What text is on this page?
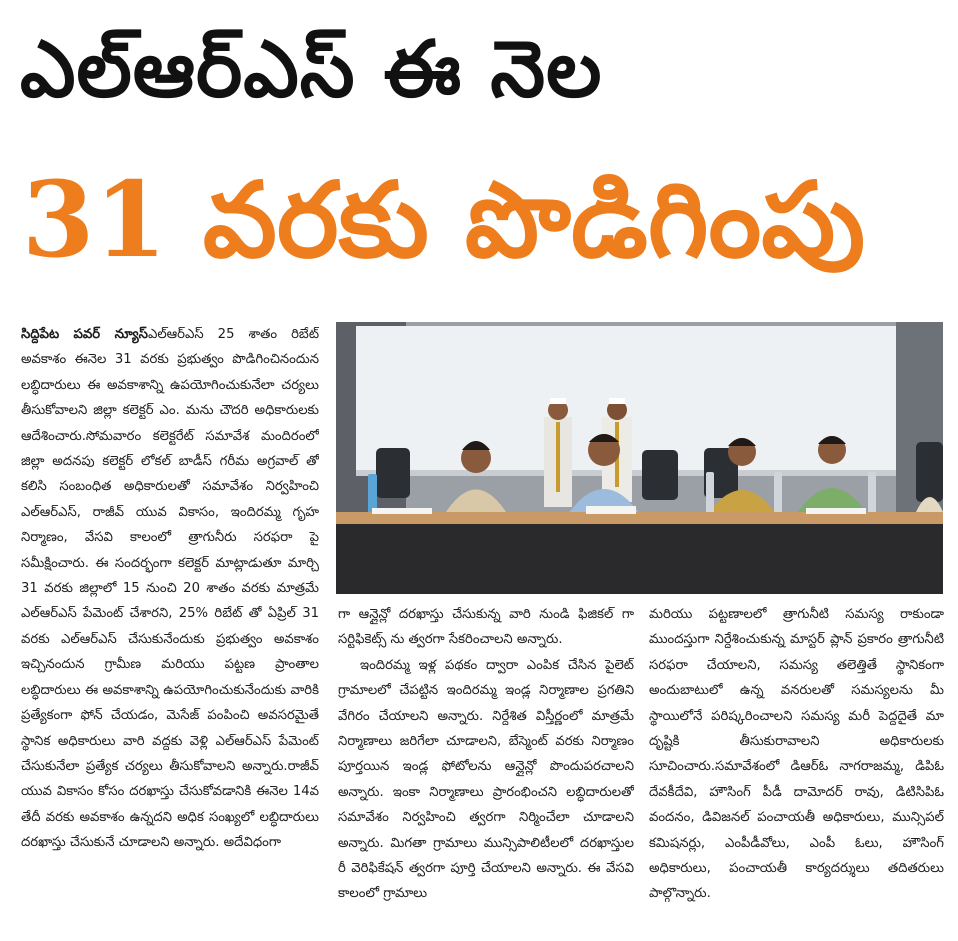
ఎల్ఆర్ఎస్ ఈ నెల
31 వరకు పొడిగింపు
సిద్దిపేట పవర్ న్యూస్ఎల్ఆర్ఎస్ 25 శాతం రిబేట్ అవకాశం ఈనెల 31 వరకు ప్రభుత్వం పొడిగించినందున లబ్ధిదారులు ఈ అవకాశాన్ని ఉపయోగించుకునేలా చర్యలు తీసుకోవాలని జిల్లా కలెక్టర్ ఎం. మను చౌదరి అధికారులకు ఆదేశించారు.సోమవారం కలెక్టరేట్ సమావేశ మందిరంలో జిల్లా అదనపు కలెక్టర్ లోకల్ బాడీస్ గరీమ అగ్రవాల్ తో కలిసి సంబంధిత అధికారులతో సమావేశం నిర్వహించి ఎల్ఆర్ఎస్, రాజీవ్ యువ వికాసం, ఇందిరమ్మ గృహ నిర్మాణం, వేసవి కాలంలో త్రాగునీరు సరఫరా పై సమీక్షించారు. ఈ సందర్భంగా కలెక్టర్ మాట్లాడుతూ మార్చి 31 వరకు జిల్లాలో 15 నుంచి 20 శాతం వరకు మాత్రమే ఎల్ఆర్ఎస్ పేమెంట్ చేశారని, 25% రిబేట్ తో ఏప్రిల్ 31 వరకు ఎల్ఆర్ఎస్ చేసుకునేందుకు ప్రభుత్వం అవకాశం ఇచ్చినందున గ్రామీణ మరియు పట్టణ ప్రాంతాల లబ్ధిదారులు ఈ అవకాశాన్ని ఉపయోగించుకునేందుకు వారికి ప్రత్యేకంగా ఫోన్ చేయడం, మెసేజ్ పంపించి అవసరమైతే స్థానిక అధికారులు వారి వద్దకు వెళ్లి ఎల్ఆర్ఎస్ పేమెంట్ చేసుకునేలా ప్రత్యేక చర్యలు తీసుకోవాలని అన్నారు.రాజీవ్ యువ వికాసం కోసం దరఖాస్తు చేసుకోవడానికి ఈనెల 14వ తేదీ వరకు అవకాశం ఉన్నదని అధిక సంఖ్యలో లబ్ధిదారులు దరఖాస్తు చేసుకునే చూడాలని అన్నారు. అదేవిధంగా
గా ఆన్లైన్లో దరఖాస్తు చేసుకున్న వారి నుండి ఫిజికల్ గా సర్టిఫికెట్స్ ను త్వరగా సేకరించాలని అన్నారు.
ఇందిరమ్మ ఇళ్ల పథకం ద్వారా ఎంపిక చేసిన పైలెట్ గ్రామాలలో చేపట్టిన ఇందిరమ్మ ఇండ్ల నిర్మాణాల ప్రగతిని వేగిరం చేయాలని అన్నారు. నిర్దేశిత విస్తీర్ణంలో మాత్రమే నిర్మాణాలు జరిగేలా చూడాలని, బేస్మెంట్ వరకు నిర్మాణం పూర్తయిన ఇండ్ల ఫోటోలను ఆన్లైన్లో పొందుపరచాలని అన్నారు. ఇంకా నిర్మాణాలు ప్రారంభించని లబ్ధిదారులతో సమావేశం నిర్వహించి త్వరగా నిర్మించేలా చూడాలని అన్నారు. మిగతా గ్రామాలు మున్సిపాలిటీలలో దరఖాస్తుల రీ వెరిఫికేషన్ త్వరగా పూర్తి చేయాలని అన్నారు. ఈ వేసవి కాలంలో గ్రామాలు
మరియు పట్టణాలలో త్రాగునీటి సమస్య రాకుండా ముందస్తుగా నిర్దేశించుకున్న మాస్టర్ ప్లాన్ ప్రకారం త్రాగునీటి సరఫరా చేయాలని, సమస్య తలెత్తితే స్థానికంగా అందుబాటులో ఉన్న వనరులతో సమస్యలను మీ స్థాయిలోనే పరిష్కరించాలని సమస్య మరీ పెద్దదైతే మా దృష్టికి తీసుకురావాలని అధికారులకు సూచించారు.సమావేశంలో డిఆర్ఓ నాగరాజమ్మ, డిపిఓ దేవకీదేవి, హౌసింగ్ పీడీ దామోదర్ రావు, డిటిసిపిఓ వందనం, డివిజనల్ పంచాయతీ అధికారులు, మున్సిపల్ కమిషనర్లు, ఎంపీడీవోలు, ఎంపీ ఓలు, హౌసింగ్ అధికారులు, పంచాయతీ కార్యదర్శులు తదితరులు పాల్గొన్నారు.
